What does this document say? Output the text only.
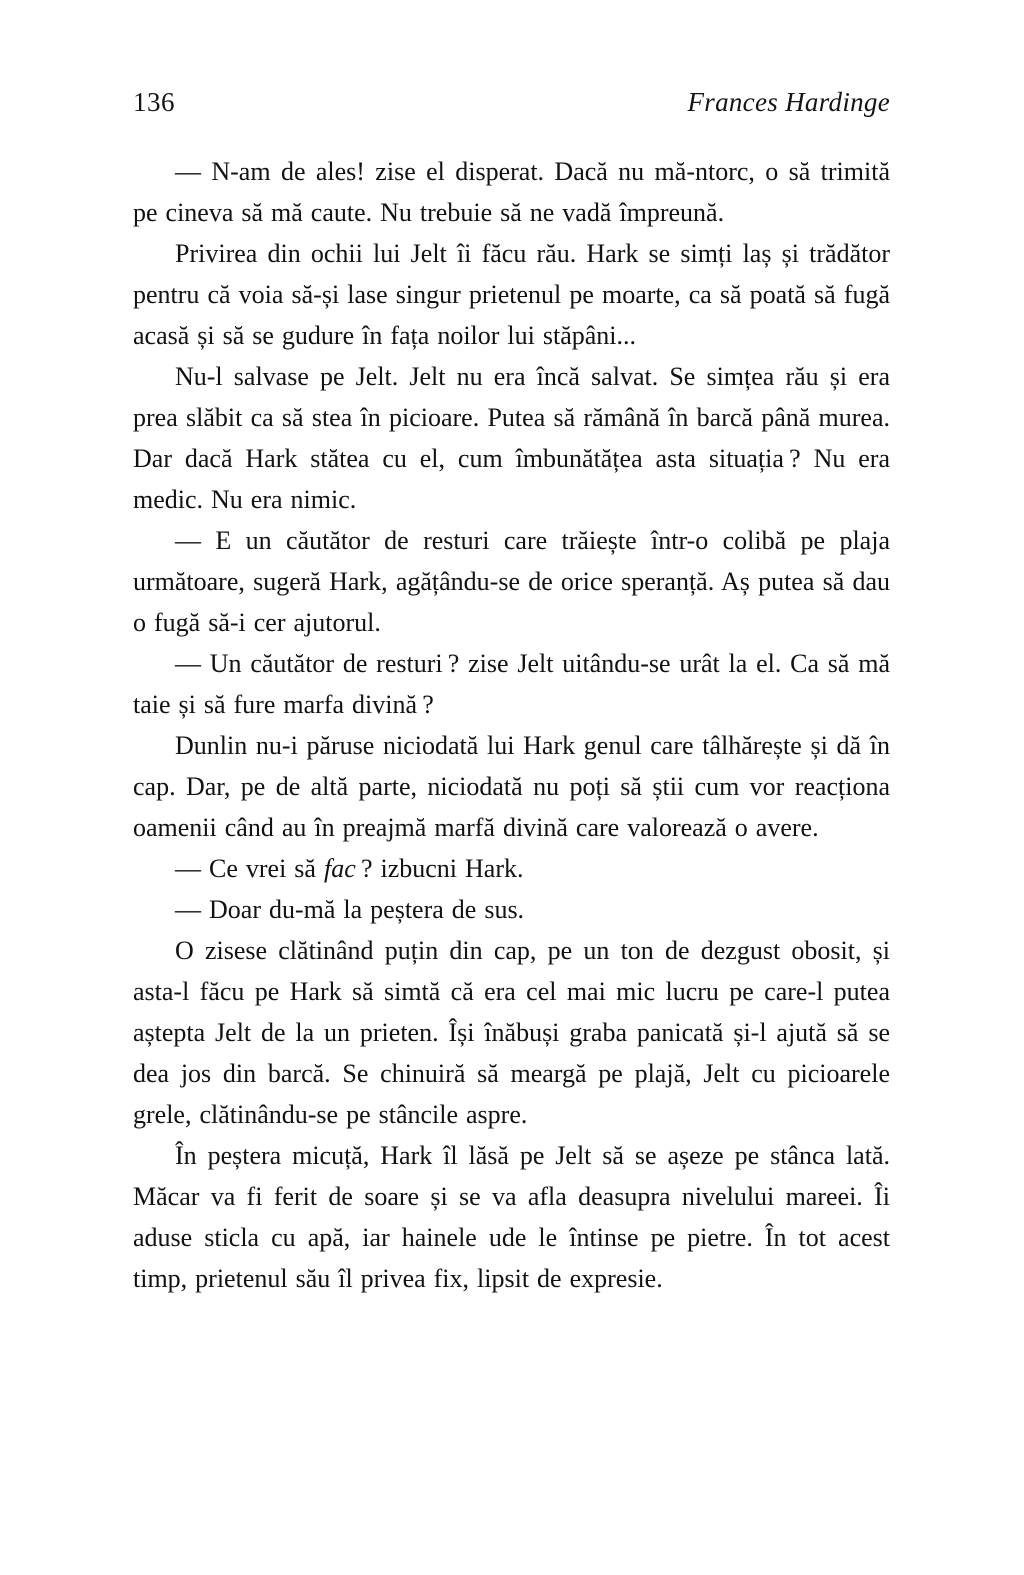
136	Frances Hardinge

— N-am de ales! zise el disperat. Dacă nu mă-ntorc, o să trimită pe cineva să mă caute. Nu trebuie să ne vadă împreună.

Privirea din ochii lui Jelt îi făcu rău. Hark se simți laș și trădător pentru că voia să-și lase singur prietenul pe moarte, ca să poată să fugă acasă și să se gudure în fața noilor lui stăpâni...

Nu-l salvase pe Jelt. Jelt nu era încă salvat. Se simțea rău și era prea slăbit ca să stea în picioare. Putea să rămână în barcă până murea. Dar dacă Hark stătea cu el, cum îmbunătățea asta situația ? Nu era medic. Nu era nimic.

— E un căutător de resturi care trăiește într-o colibă pe plaja următoare, sugeră Hark, agățându-se de orice speranță. Aș putea să dau o fugă să-i cer ajutorul.

— Un căutător de resturi ? zise Jelt uitându-se urât la el. Ca să mă taie și să fure marfa divină ?

Dunlin nu-i păruse niciodată lui Hark genul care tâlhărește și dă în cap. Dar, pe de altă parte, niciodată nu poți să știi cum vor reacționa oamenii când au în preajmă marfă divină care valorează o avere.

— Ce vrei să fac ? izbucni Hark.

— Doar du-mă la peștera de sus.

O zisese clătinând puțin din cap, pe un ton de dezgust obosit, și asta-l făcu pe Hark să simtă că era cel mai mic lucru pe care-l putea aștepta Jelt de la un prieten. Își înăbuși graba panicată și-l ajută să se dea jos din barcă. Se chinuiră să meargă pe plajă, Jelt cu picioarele grele, clătinându-se pe stâncile aspre.

În peștera micuță, Hark îl lăsă pe Jelt să se așeze pe stânca lată. Măcar va fi ferit de soare și se va afla deasupra nivelului mareei. Îi aduse sticla cu apă, iar hainele ude le întinse pe pietre. În tot acest timp, prietenul său îl privea fix, lipsit de expresie.
